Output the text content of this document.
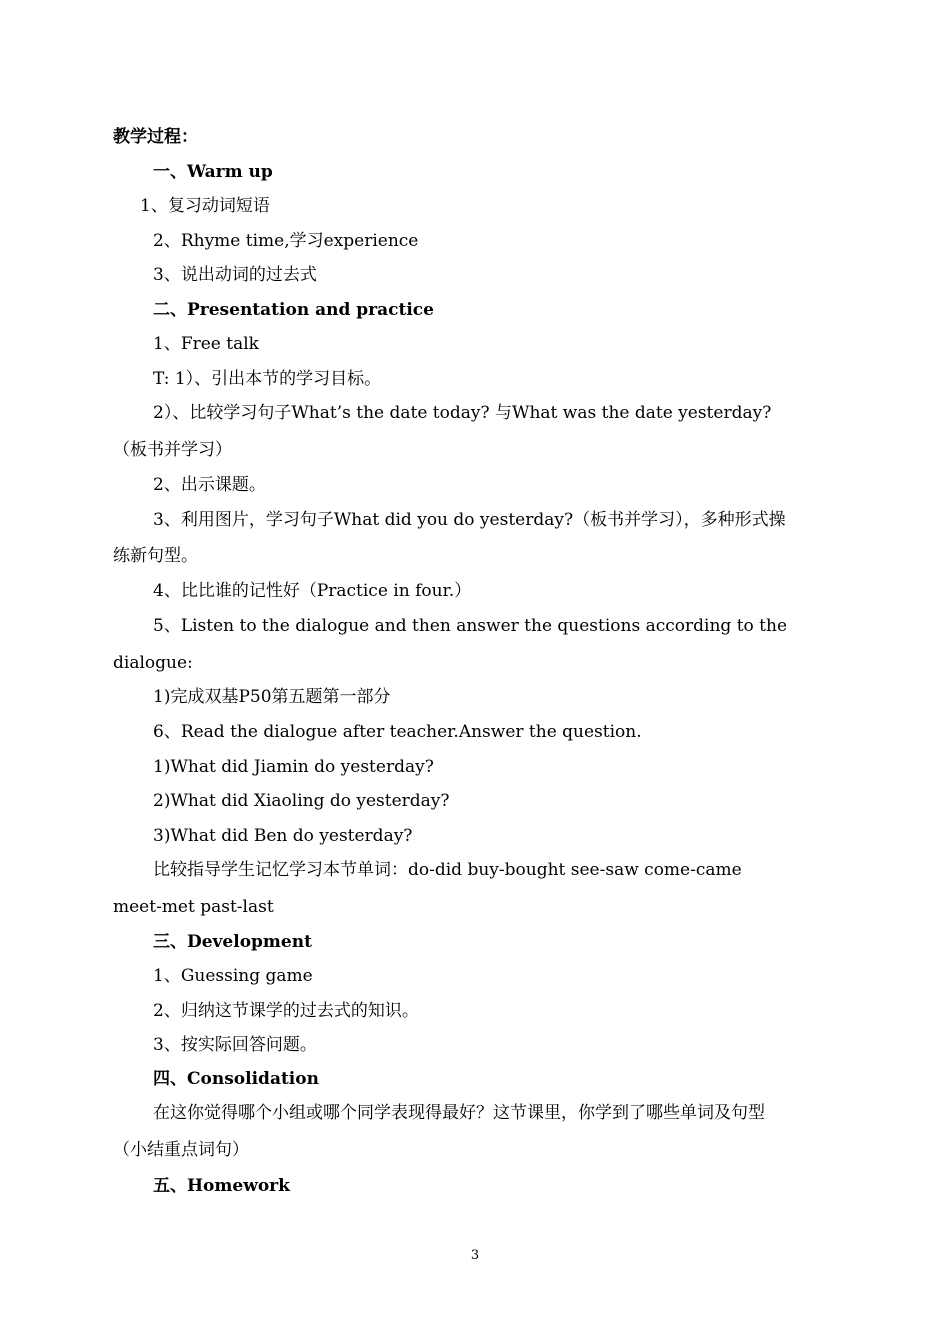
教学过程：
一、Warm up
1、复习动词短语
2、Rhyme time,学习experience
3、说出动词的过去式
二、Presentation and practice
1、Free talk
T: 1）、引出本节的学习目标。
2）、比较学习句子What’s the date today? 与What was the date yesterday?
（板书并学习）
2、出示课题。
3、利用图片，学习句子What did you do yesterday?（板书并学习），多种形式操
练新句型。
4、比比谁的记性好（Practice in four.）
5、Listen to the dialogue and then answer the questions according to the
dialogue:
1)完成双基P50第五题第一部分
6、Read the dialogue after teacher.Answer the question.
1)What did Jiamin do yesterday?
2)What did Xiaoling do yesterday?
3)What did Ben do yesterday?
比较指导学生记忆学习本节单词：do-did buy-bought see-saw come-came
meet-met past-last
三、Development
1、Guessing game
2、归纳这节课学的过去式的知识。
3、按实际回答问题。
四、Consolidation
在这你觉得哪个小组或哪个同学表现得最好？这节课里，你学到了哪些单词及句型
（小结重点词句）
五、Homework
3
